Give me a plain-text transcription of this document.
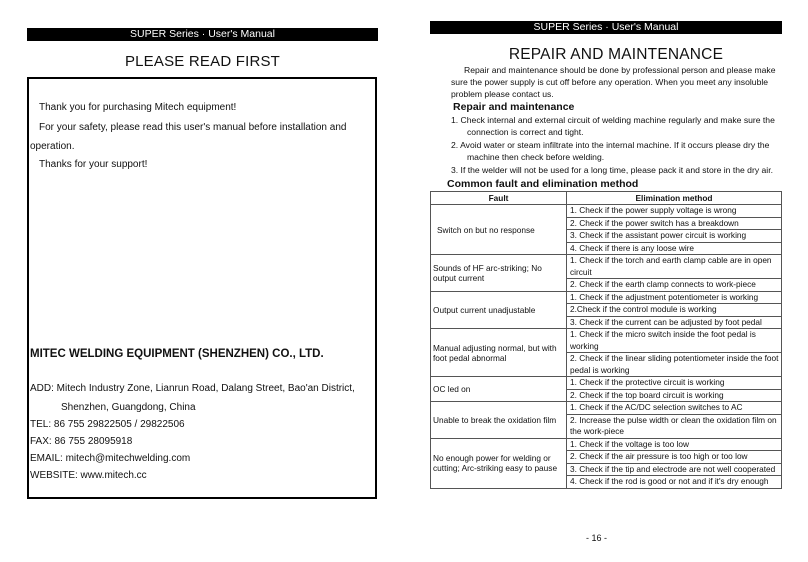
SUPER Series · User's Manual
PLEASE READ FIRST
Thank you for purchasing Mitech equipment!
For your safety, please read this user's manual before installation and
operation.
Thanks for your support!
MITEC WELDING EQUIPMENT (SHENZHEN) CO., LTD.
ADD: Mitech Industry Zone, Lianrun Road, Dalang Street, Bao'an District,
Shenzhen, Guangdong, China
TEL: 86 755 29822505 / 29822506
FAX: 86 755 28095918
EMAIL: mitech@mitechwelding.com
WEBSITE: www.mitech.cc
SUPER Series · User's Manual
REPAIR AND MAINTENANCE
Repair and maintenance should be done by professional person and please make
sure the power supply is cut off before any operation. When you meet any insoluble
problem please contact us.
Repair and maintenance
1. Check internal and external circuit of welding machine regularly and make sure the
connection is correct and tight.
2. Avoid water or steam infiltrate into the internal machine. If it occurs please dry the
machine then check before welding.
3. If the welder will not be used for a long time, please pack it and store in the dry air.
Common fault and elimination method
Fault	Elimination method
Switch on but no response	1. Check if the power supply voltage is wrong
2. Check if the power switch has a breakdown
3. Check if the assistant power circuit is working
4. Check if there is any loose wire

Sounds of HF arc-striking; No output current	1. Check if the torch and earth clamp cable are in open circuit
2. Check if the earth clamp connects to work-piece

Output current unadjustable	1. Check if the adjustment potentiometer is working
2.Check if the control module is working
3. Check if the current can be adjusted by foot pedal

Manual adjusting normal, but with foot pedal abnormal	1. Check if the micro switch inside the foot pedal is working
2. Check if the linear sliding potentiometer inside the foot pedal is working

OC led on	1. Check if the protective circuit is working
2. Check if the top board circuit is working

Unable to break the oxidation film	1. Check if the AC/DC selection switches to AC
2. Increase the pulse width or clean the oxidation film on the work-piece

No enough power for welding or cutting; Arc-striking easy to pause	1. Check if the voltage is too low
2. Check if the air pressure is too high or too low
3. Check if the tip and electrode are not well cooperated
4. Check if the rod is good or not and if it's dry enough
- 16 -
